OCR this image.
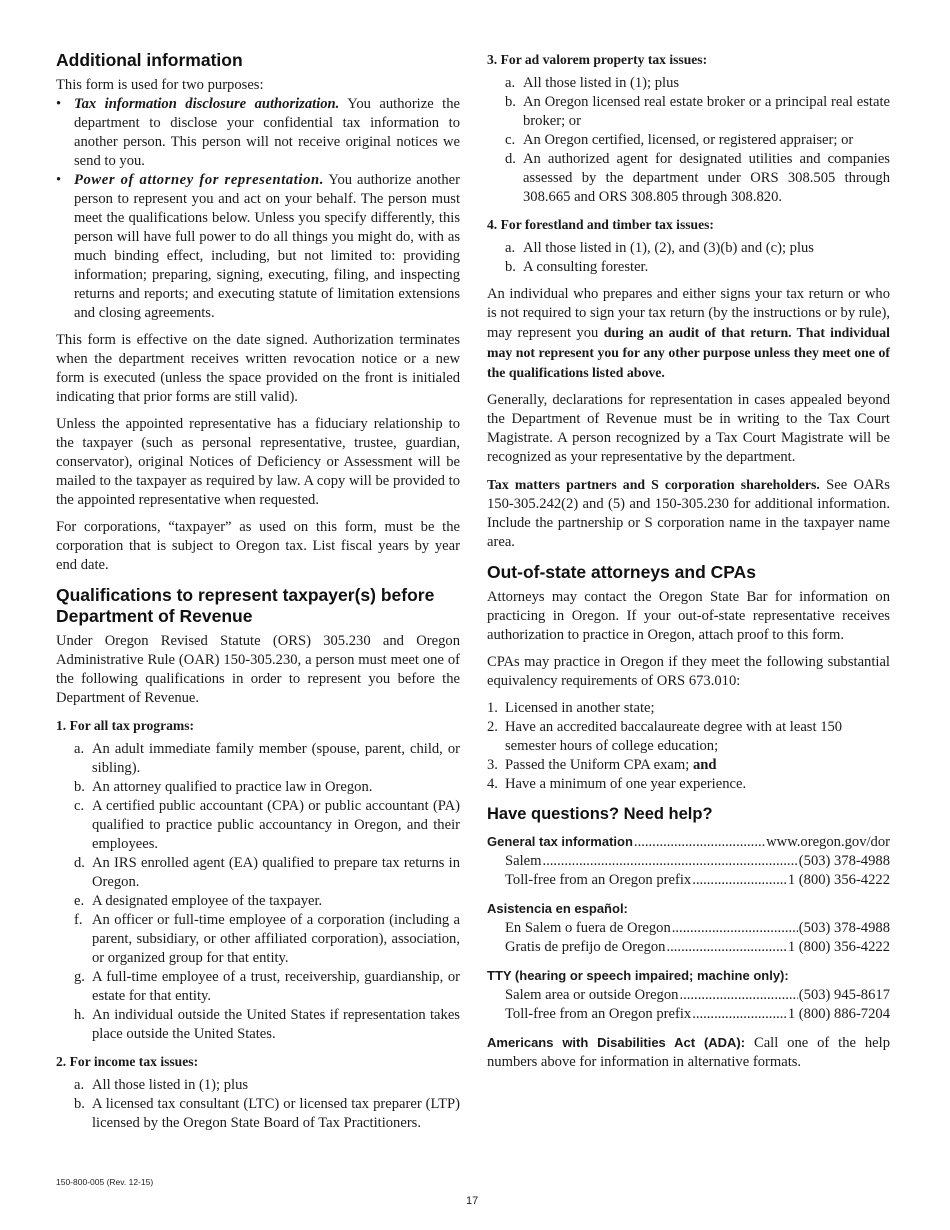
Additional information

This form is used for two purposes:

• Tax information disclosure authorization. You authorize the department to disclose your confidential tax information to another person. This person will not receive original notices we send to you.
• Power of attorney for representation. You authorize another person to represent you and act on your behalf. The person must meet the qualifications below. Unless you specify differently, this person will have full power to do all things you might do, with as much binding effect, including, but not limited to: providing information; preparing, signing, executing, filing, and inspecting returns and reports; and executing statute of limitation extensions and closing agreements.

This form is effective on the date signed. Authorization terminates when the department receives written revocation notice or a new form is executed (unless the space provided on the front is initialed indicating that prior forms are still valid).

Unless the appointed representative has a fiduciary relationship to the taxpayer (such as personal representative, trustee, guardian, conservator), original Notices of Deficiency or Assessment will be mailed to the taxpayer as required by law. A copy will be provided to the appointed representative when requested.

For corporations, “taxpayer” as used on this form, must be the corporation that is subject to Oregon tax. List fiscal years by year end date.

Qualifications to represent taxpayer(s) before Department of Revenue

Under Oregon Revised Statute (ORS) 305.230 and Oregon Administrative Rule (OAR) 150-305.230, a person must meet one of the following qualifications in order to represent you before the Department of Revenue.

1. For all tax programs:
a. An adult immediate family member (spouse, parent, child, or sibling).
b. An attorney qualified to practice law in Oregon.
c. A certified public accountant (CPA) or public accountant (PA) qualified to practice public accountancy in Oregon, and their employees.
d. An IRS enrolled agent (EA) qualified to prepare tax returns in Oregon.
e. A designated employee of the taxpayer.
f. An officer or full-time employee of a corporation (including a parent, subsidiary, or other affiliated corporation), association, or organized group for that entity.
g. A full-time employee of a trust, receivership, guardianship, or estate for that entity.
h. An individual outside the United States if representation takes place outside the United States.
2. For income tax issues:
a. All those listed in (1); plus
b. A licensed tax consultant (LTC) or licensed tax preparer (LTP) licensed by the Oregon State Board of Tax Practitioners.
3. For ad valorem property tax issues:
a. All those listed in (1); plus
b. An Oregon licensed real estate broker or a principal real estate broker; or
c. An Oregon certified, licensed, or registered appraiser; or
d. An authorized agent for designated utilities and companies assessed by the department under ORS 308.505 through 308.665 and ORS 308.805 through 308.820.
4. For forestland and timber tax issues:
a. All those listed in (1), (2), and (3)(b) and (c); plus
b. A consulting forester.

An individual who prepares and either signs your tax return or who is not required to sign your tax return (by the instructions or by rule), may represent you during an audit of that return. That individual may not represent you for any other purpose unless they meet one of the qualifications listed above.

Generally, declarations for representation in cases appealed beyond the Department of Revenue must be in writing to the Tax Court Magistrate. A person recognized by a Tax Court Magistrate will be recognized as your representative by the department.

Tax matters partners and S corporation shareholders. See OARs 150-305.242(2) and (5) and 150-305.230 for additional information. Include the partnership or S corporation name in the taxpayer name area.

Out-of-state attorneys and CPAs

Attorneys may contact the Oregon State Bar for information on practicing in Oregon. If your out-of-state representative receives authorization to practice in Oregon, attach proof to this form.

CPAs may practice in Oregon if they meet the following substantial equivalency requirements of ORS 673.010:

1. Licensed in another state;
2. Have an accredited baccalaureate degree with at least 150 semester hours of college education;
3. Passed the Uniform CPA exam; and
4. Have a minimum of one year experience.
Have questions? Need help?
General tax information .....	www.oregon.gov/dor
Salem .....	(503) 378-4988
Toll-free from an Oregon prefix .....	1 (800) 356-4222
Asistencia en español:
En Salem o fuera de Oregon .....	(503) 378-4988
Gratis de prefijo de Oregon .....	1 (800) 356-4222
TTY (hearing or speech impaired; machine only):
Salem area or outside Oregon .....	(503) 945-8617
Toll-free from an Oregon prefix .....	1 (800) 886-7204

Americans with Disabilities Act (ADA): Call one of the help numbers above for information in alternative formats.

150-800-005 (Rev. 12-15)
17
